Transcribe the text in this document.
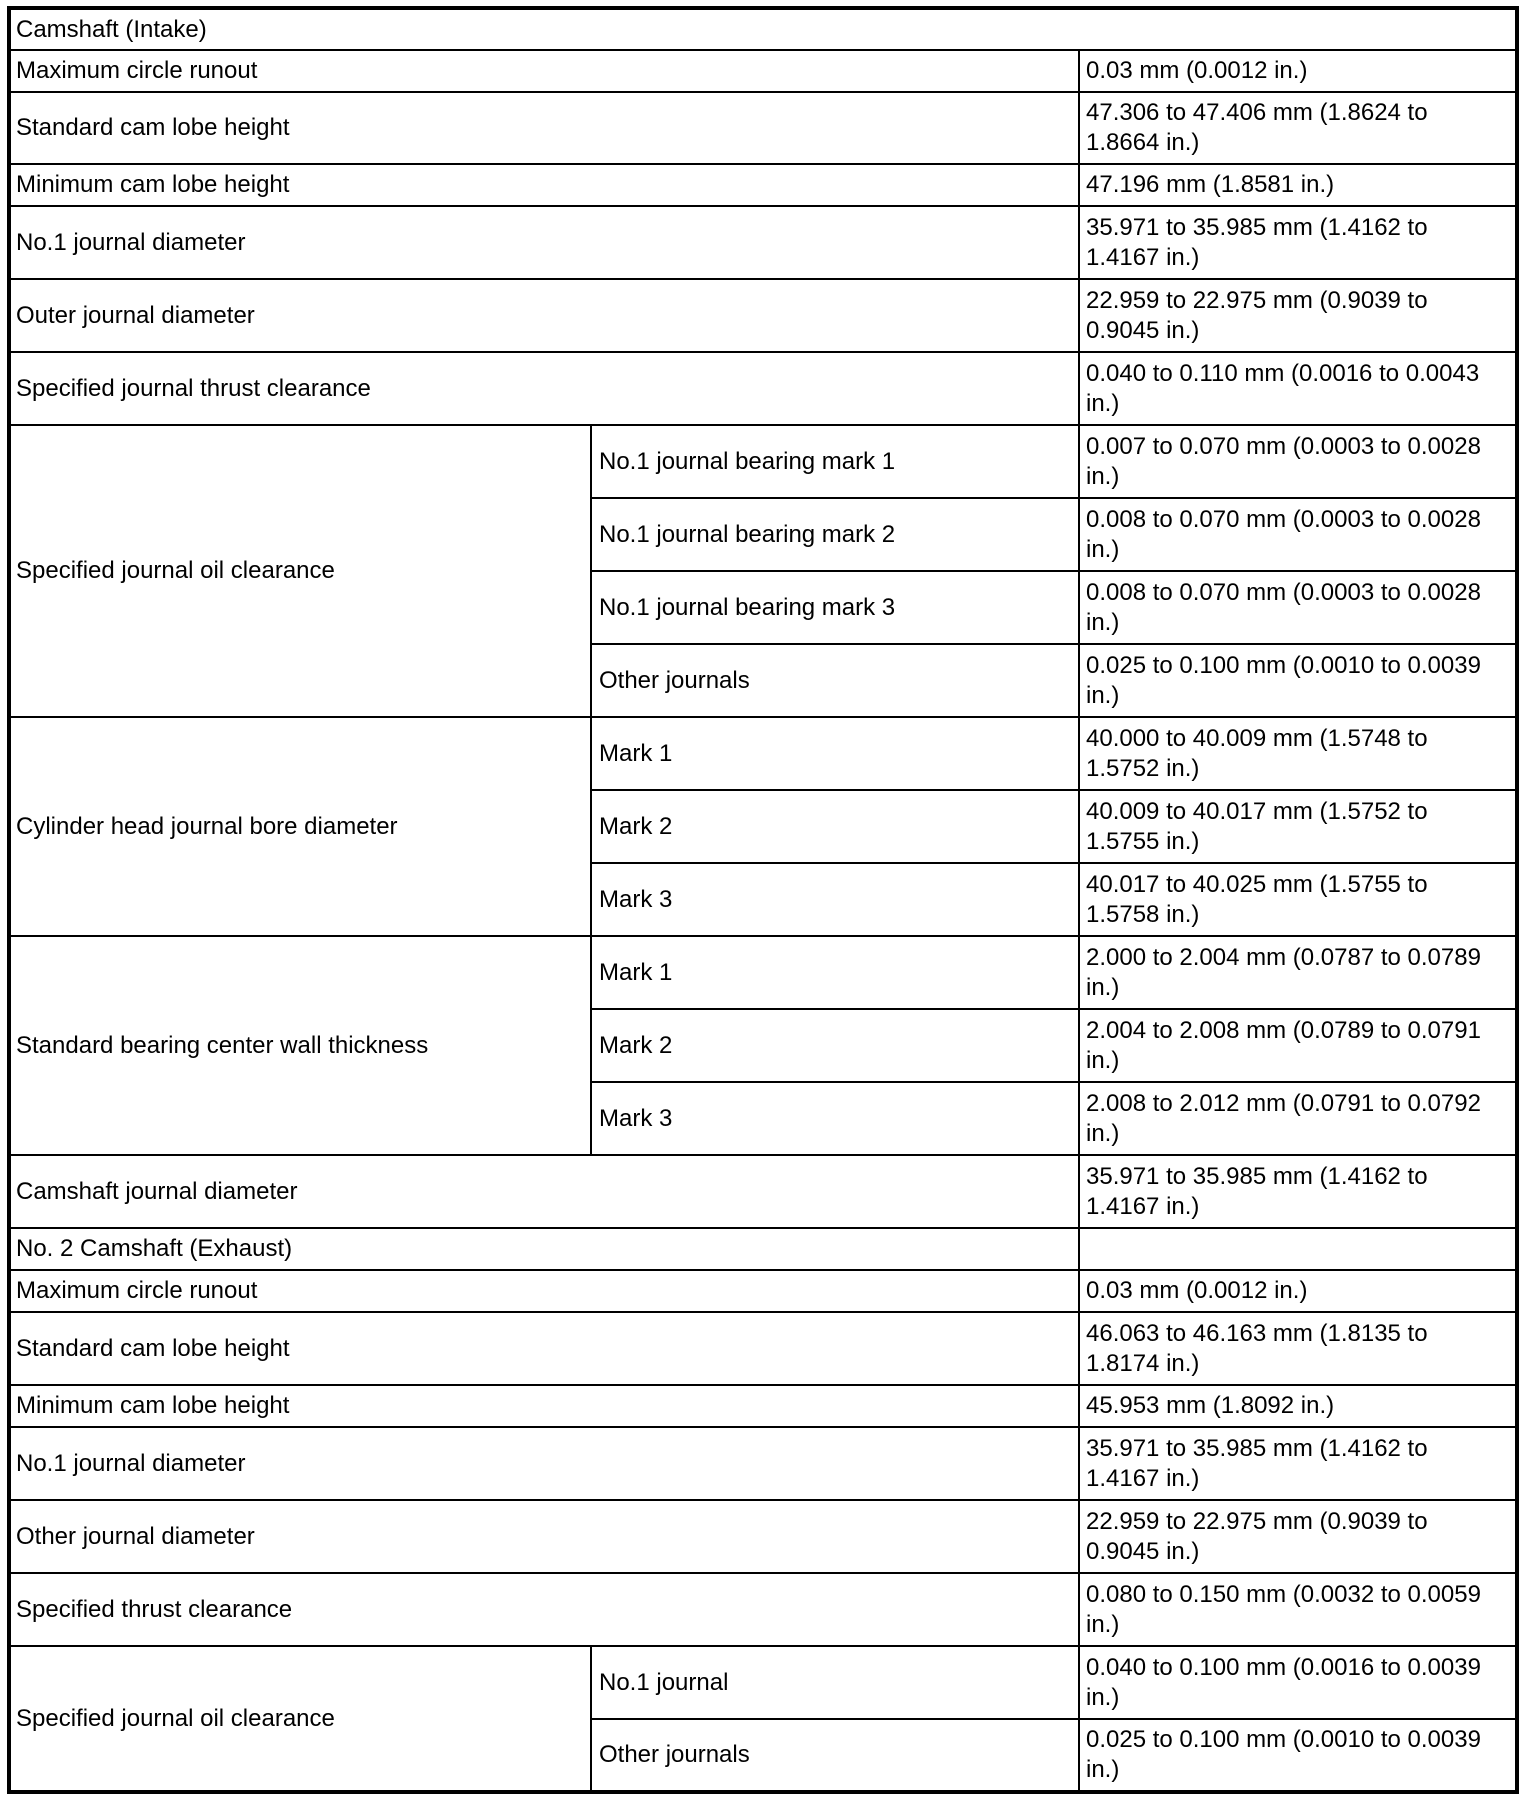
Camshaft (Intake)		
Maximum circle runout		0.03 mm (0.0012 in.)
Standard cam lobe height		47.306 to 47.406 mm (1.8624 to 1.8664 in.)
Minimum cam lobe height		47.196 mm (1.8581 in.)
No.1 journal diameter		35.971 to 35.985 mm (1.4162 to 1.4167 in.)
Outer journal diameter		22.959 to 22.975 mm (0.9039 to 0.9045 in.)
Specified journal thrust clearance		0.040 to 0.110 mm (0.0016 to 0.0043 in.)
Specified journal oil clearance	No.1 journal bearing mark 1	0.007 to 0.070 mm (0.0003 to 0.0028 in.)
	No.1 journal bearing mark 2	0.008 to 0.070 mm (0.0003 to 0.0028 in.)
	No.1 journal bearing mark 3	0.008 to 0.070 mm (0.0003 to 0.0028 in.)
	Other journals	0.025 to 0.100 mm (0.0010 to 0.0039 in.)
Cylinder head journal bore diameter	Mark 1	40.000 to 40.009 mm (1.5748 to 1.5752 in.)
	Mark 2	40.009 to 40.017 mm (1.5752 to 1.5755 in.)
	Mark 3	40.017 to 40.025 mm (1.5755 to 1.5758 in.)
Standard bearing center wall thickness	Mark 1	2.000 to 2.004 mm (0.0787 to 0.0789 in.)
	Mark 2	2.004 to 2.008 mm (0.0789 to 0.0791 in.)
	Mark 3	2.008 to 2.012 mm (0.0791 to 0.0792 in.)
Camshaft journal diameter		35.971 to 35.985 mm (1.4162 to 1.4167 in.)
No. 2 Camshaft (Exhaust)		
Maximum circle runout		0.03 mm (0.0012 in.)
Standard cam lobe height		46.063 to 46.163 mm (1.8135 to 1.8174 in.)
Minimum cam lobe height		45.953 mm (1.8092 in.)
No.1 journal diameter		35.971 to 35.985 mm (1.4162 to 1.4167 in.)
Other journal diameter		22.959 to 22.975 mm (0.9039 to 0.9045 in.)
Specified thrust clearance		0.080 to 0.150 mm (0.0032 to 0.0059 in.)
Specified journal oil clearance	No.1 journal	0.040 to 0.100 mm (0.0016 to 0.0039 in.)
	Other journals	0.025 to 0.100 mm (0.0010 to 0.0039 in.)
